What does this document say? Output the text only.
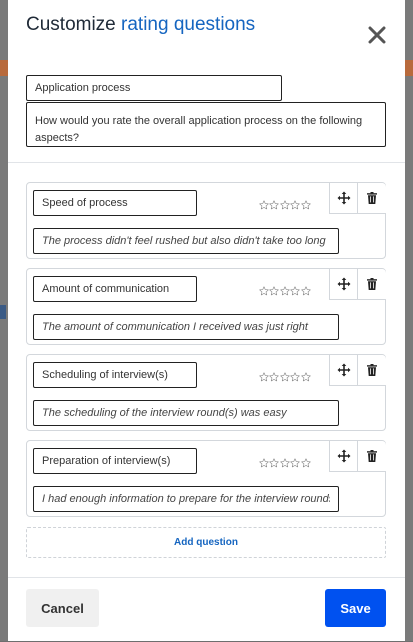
Customize rating questions
Application process
How would you rate the overall application process on the following aspects?
Speed of process
The process didn't feel rushed but also didn't take too long
Amount of communication
The amount of communication I received was just right
Scheduling of interview(s)
The scheduling of the interview round(s) was easy
Preparation of interview(s)
I had enough information to prepare for the interview rounds
Add question
Cancel	Save
